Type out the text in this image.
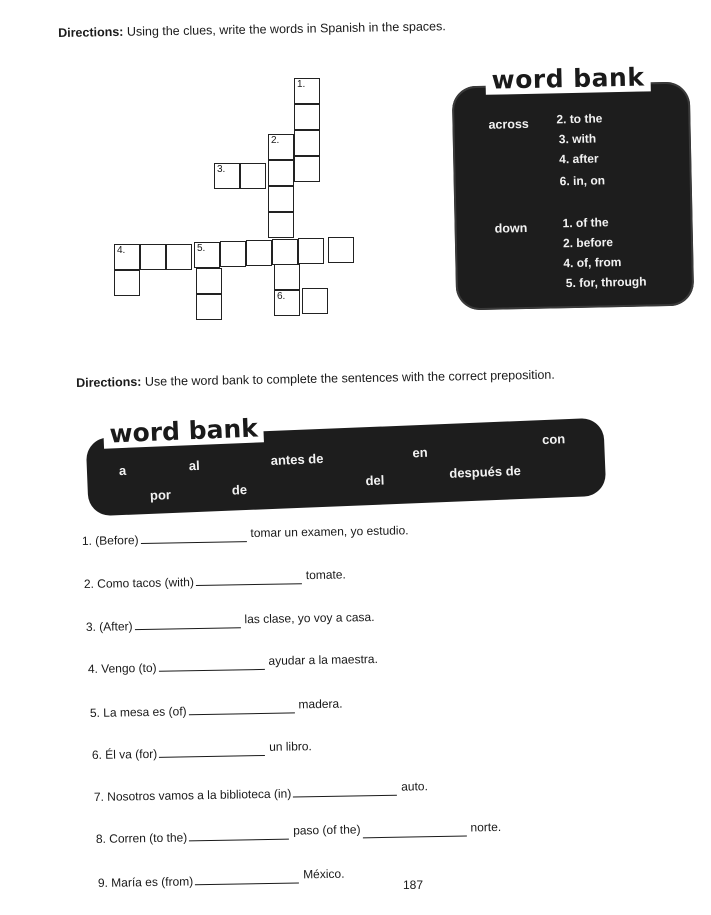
Directions: Using the clues, write the words in Spanish in the spaces.
1.
2.
3.
4.	5.
6.
word bank
across 2. to the
3. with
4. after
6. in, on
down	1. of the
2. before
4. of, from
5. for, through
Directions: Use the word bank to complete the sentences with the correct preposition.
word bank
a	al	antes de	en
con
por	de
del	después de
1. (Before)tomar un examen, yo estudio.
2. Como tacos (with)tomate.
3. (After)las clase, yo voy a casa.
4. Vengo (to)ayudar a la maestra.
5. La mesa es (of)madera.
6. Él va (for)un libro.
7. Nosotros vamos a la biblioteca (in)auto.
8. Corren (to the)paso (of the)	norte.
9. María es (from)México.
187
